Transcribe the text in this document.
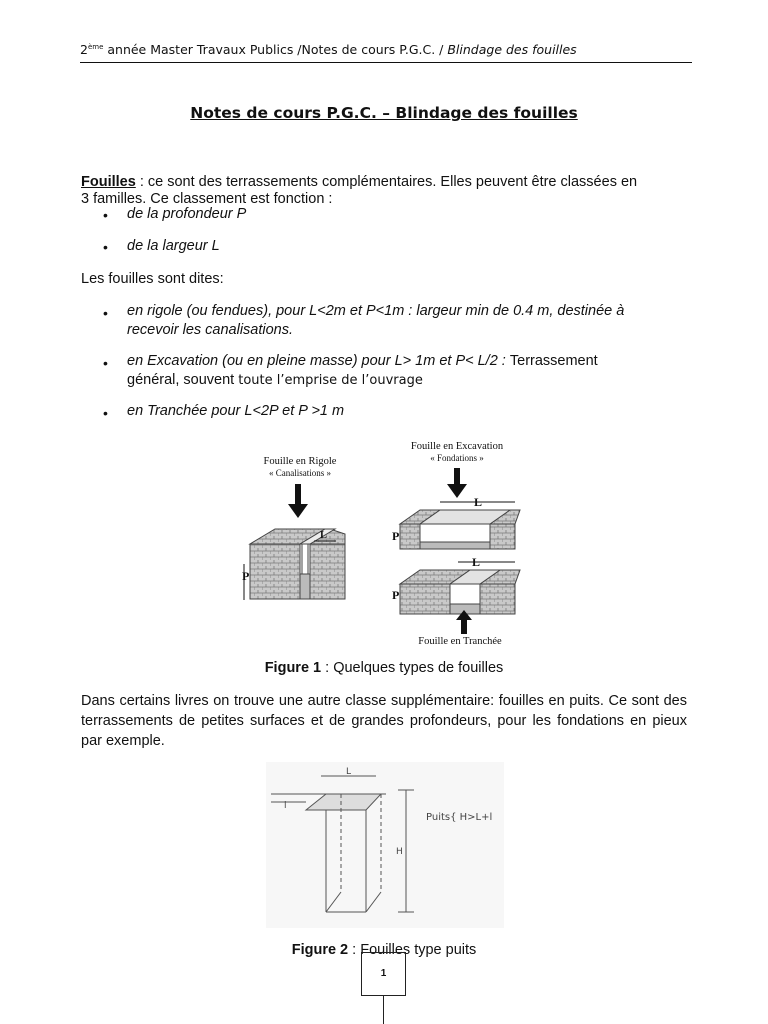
2ème année Master Travaux Publics /Notes de cours P.G.C. / Blindage des fouilles
Notes de cours P.G.C. – Blindage des fouilles
Fouilles : ce sont des terrassements complémentaires. Elles peuvent être classées en
3 familles. Ce classement est fonction :
• de la profondeur P
• de la largeur L
Les fouilles sont dites:
• en rigole (ou fendues), pour L<2m et P<1m : largeur min de 0.4 m, destinée à
recevoir les canalisations.
• en Excavation (ou en pleine masse) pour L> 1m et P< L/2 : Terrassement
général, souvent toute l’emprise de l’ouvrage
• en Tranchée pour L<2P et P >1 m
Fouille en Rigole
« Canalisations »
L
P
Fouille en Excavation
« Fondations »
L
P
L
P
Fouille en Tranchée
Figure 1 : Quelques types de fouilles
Dans certains livres on trouve une autre classe supplémentaire: fouilles en puits. Ce sont des terrassements de petites surfaces et de grandes profondeurs, pour les fondations en pieux par exemple.
L
l
H
Puits{ H>L+l
Figure 2 : Fouilles type puits
1
